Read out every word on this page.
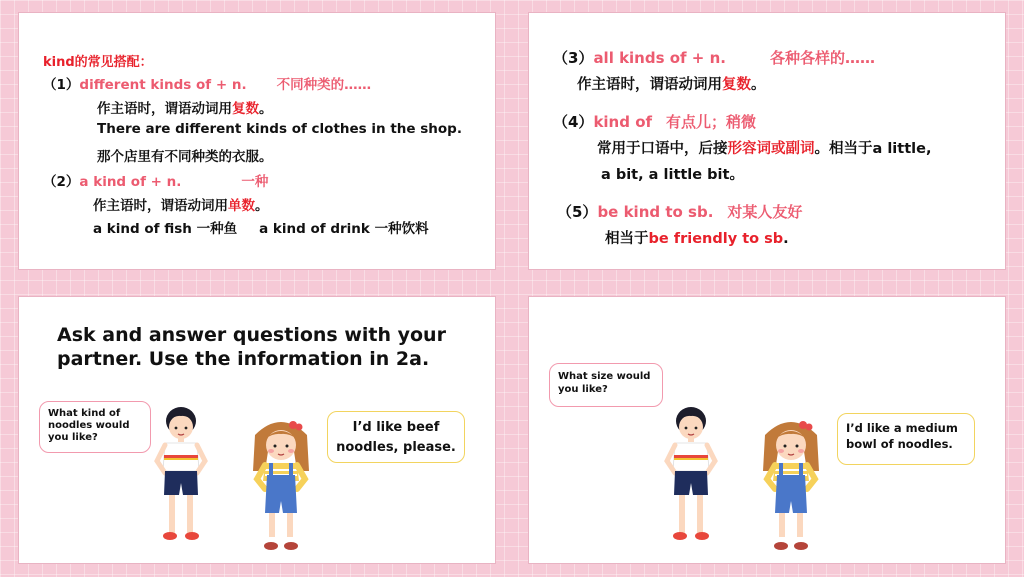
kind的常见搭配：
（1）different kinds of + n. 不同种类的……
作主语时，谓语动词用复数。
There are different kinds of clothes in the shop.
那个店里有不同种类的衣服。
（2）a kind of + n.	一种
作主语时，谓语动词用单数。
a kind of fish 一种鱼 a kind of drink 一种饮料
（3）all kinds of + n.	各种各样的……
作主语时，谓语动词用复数。
（4）kind of 有点儿；稍微
常用于口语中，后接形容词或副词。相当于a little,
a bit, a little bit。
（5）be kind to sb. 对某人友好
相当于be friendly to sb.
Ask and answer questions with your
partner. Use the information in 2a.
What kind of
noodles would
you like?
I’d like beef
noodles, please.
What size would
you like?
I’d like a medium
bowl of noodles.
